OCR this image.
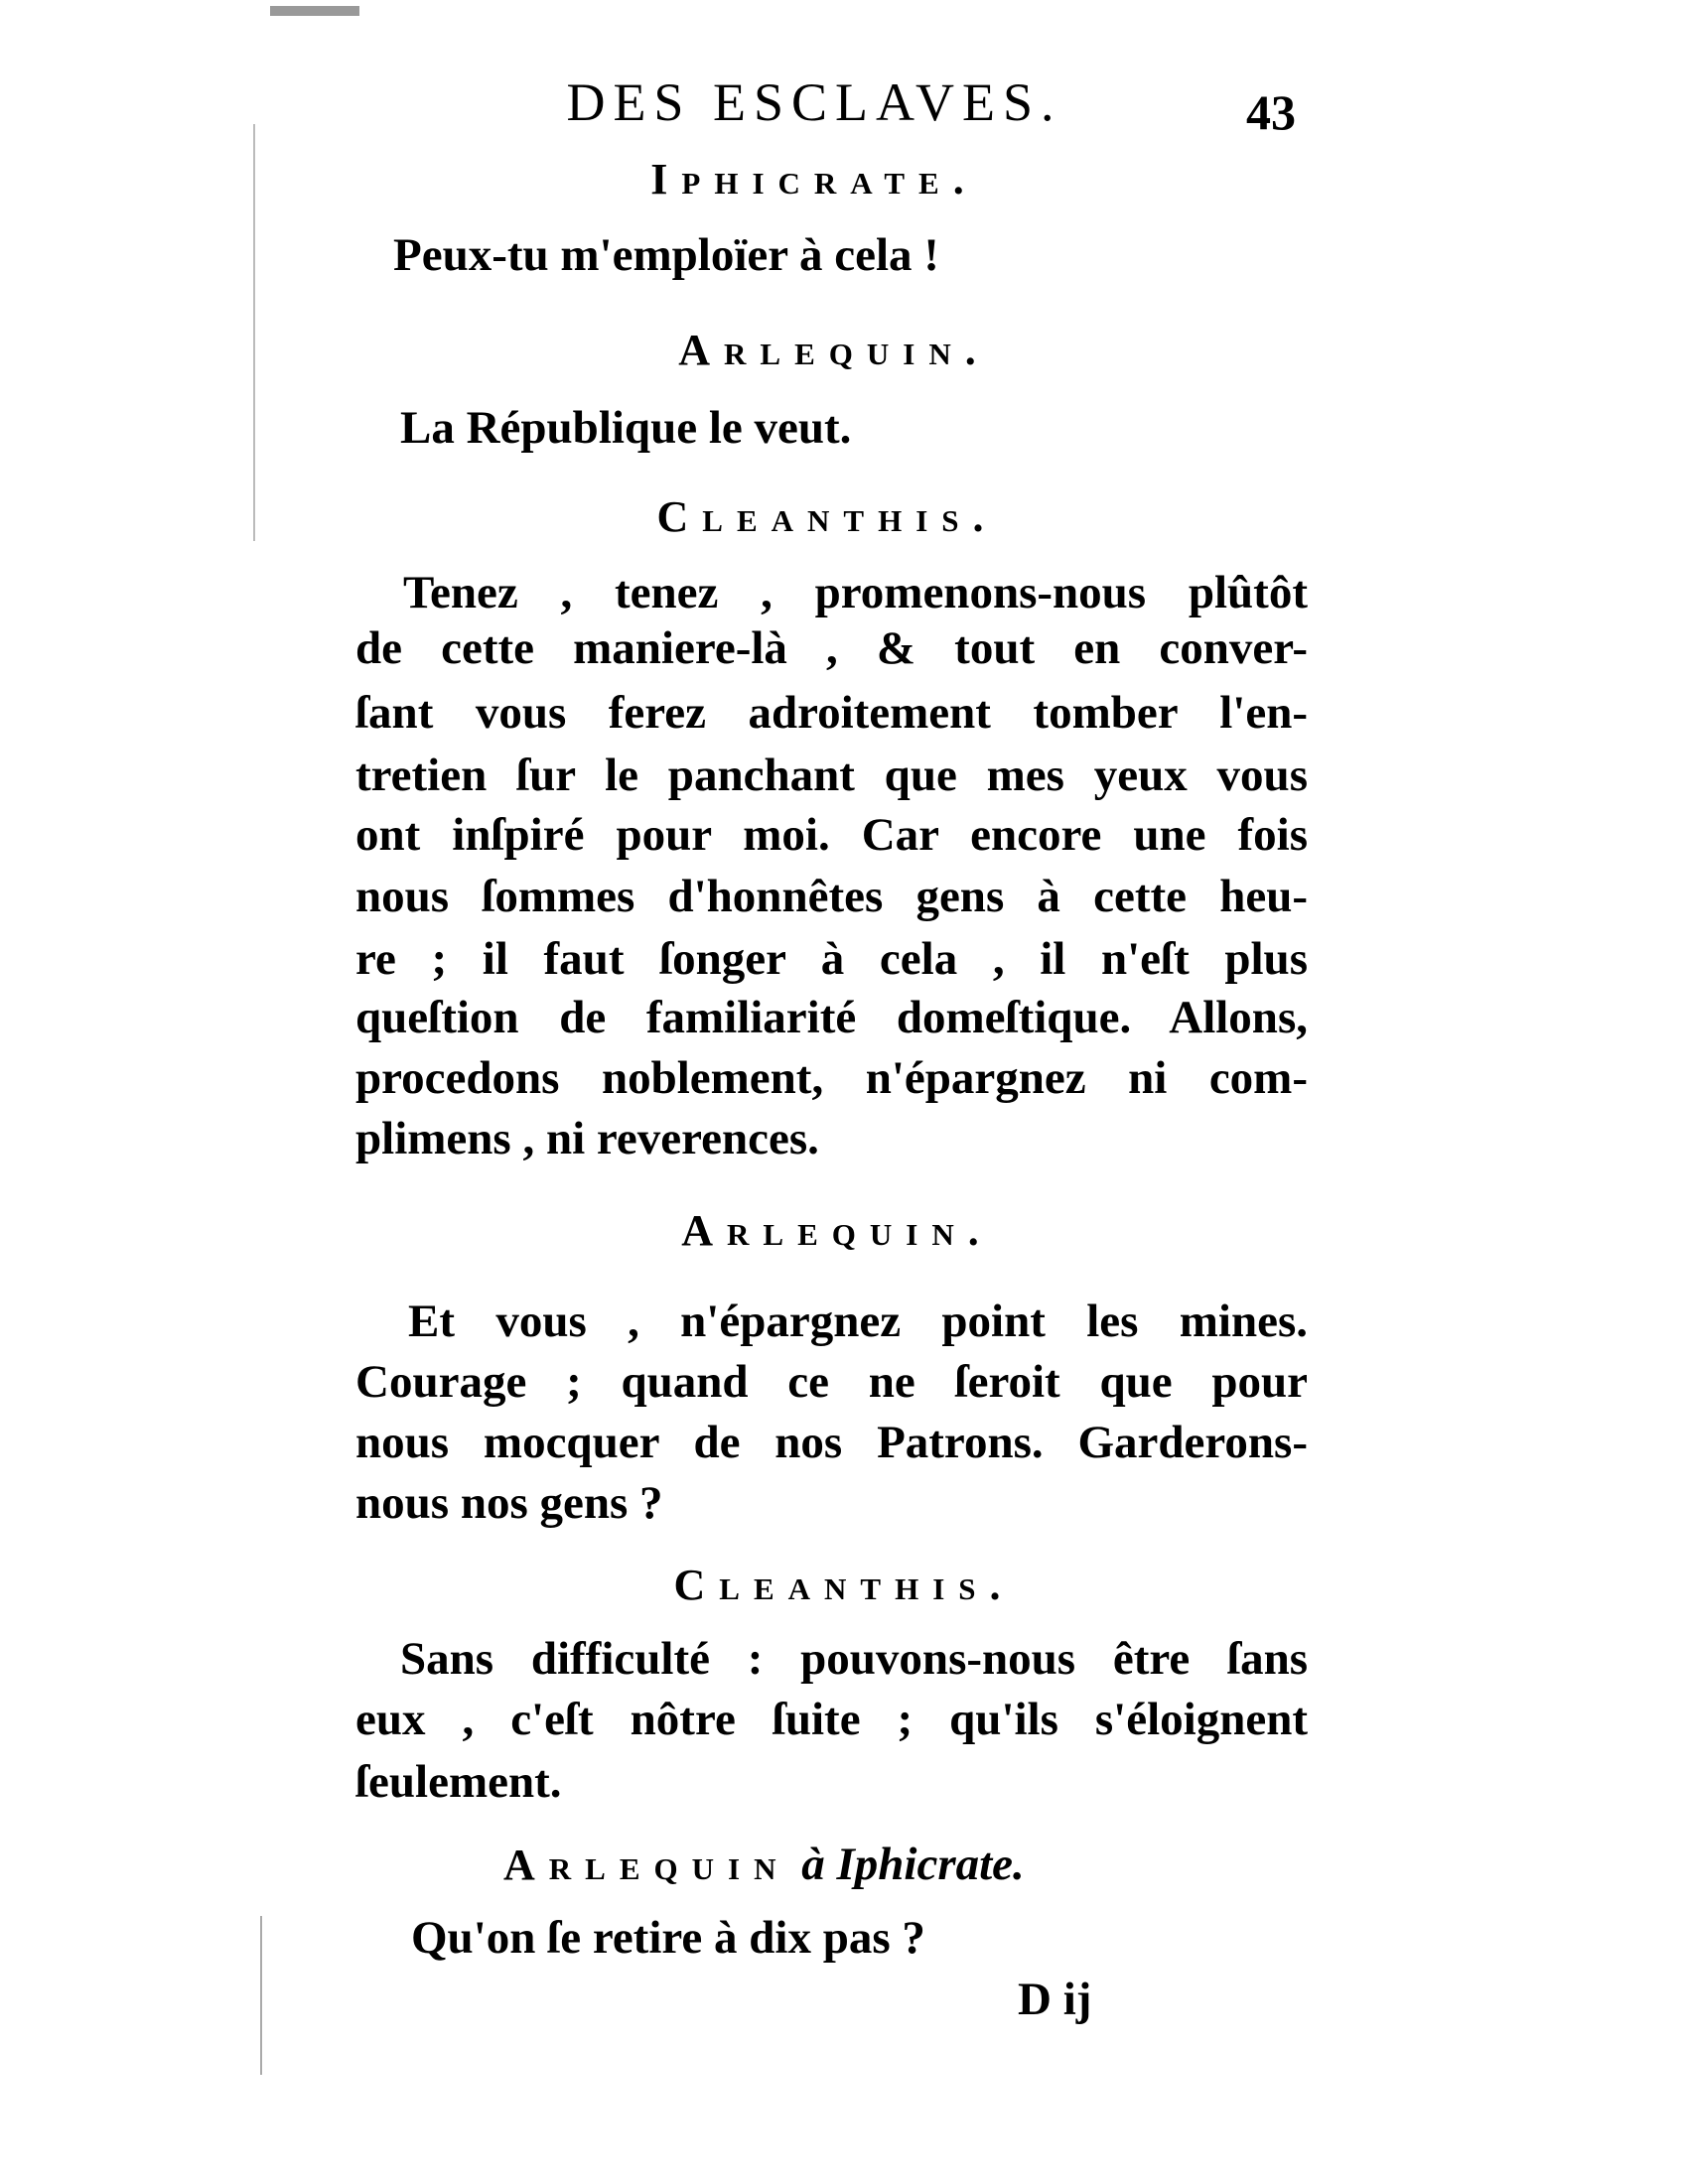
DES ESCLAVES.	43
Iphicrate.
Peux-tu m'emploïer à cela !
Arlequin.
La République le veut.
Cleanthis.
Tenez , tenez , promenons-nous plûtôt
de cette maniere-là , & tout en conver-
ſant vous ferez adroitement tomber l'en-
tretien ſur le panchant que mes yeux vous
ont inſpiré pour moi. Car encore une fois
nous ſommes d'honnêtes gens à cette heu-
re ; il faut ſonger à cela , il n'eſt plus
queſtion de familiarité domeſtique. Allons,
procedons noblement, n'épargnez ni com-
plimens , ni reverences.
Arlequin.
Et vous , n'épargnez point les mines.
Courage ; quand ce ne ſeroit que pour
nous mocquer de nos Patrons. Garderons-
nous nos gens ?
Cleanthis.
Sans difficulté : pouvons-nous être ſans
eux , c'eſt nôtre ſuite ; qu'ils s'éloignent
ſeulement.
Arlequin à Iphicrate.
Qu'on ſe retire à dix pas ?
D ij
